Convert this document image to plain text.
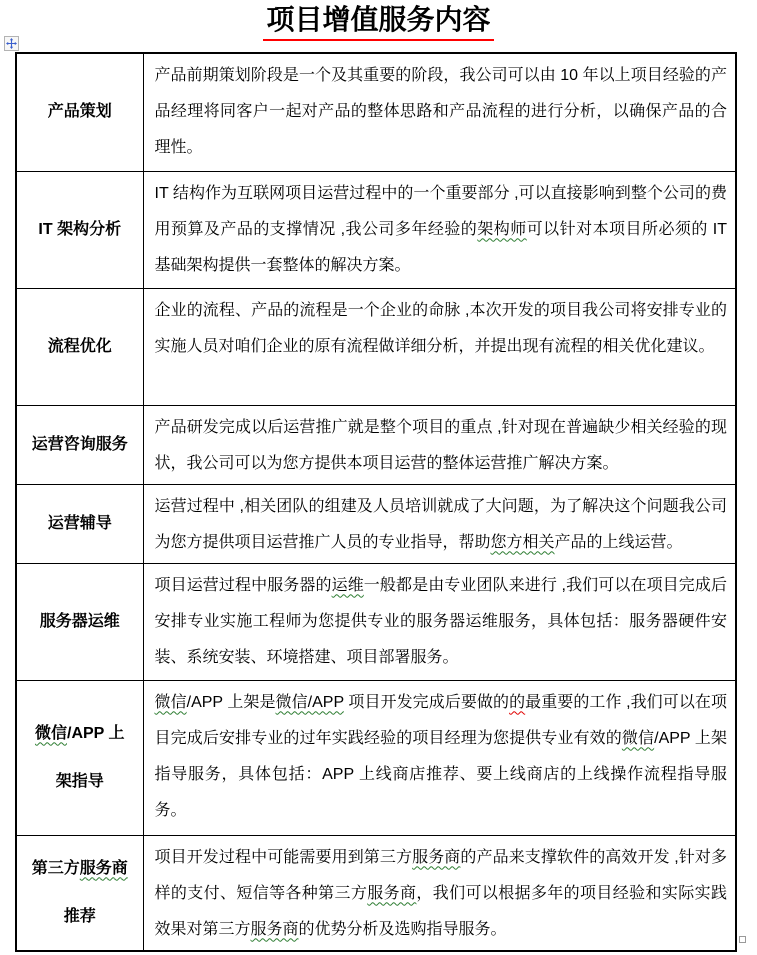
项目增值服务内容
产品策划	产品前期策划阶段是一个及其重要的阶段，我公司可以由 10 年以上项目经验的产品经理将同客户一起对产品的整体思路和产品流程的进行分析，以确保产品的合理性。

IT 架构分析	IT 结构作为互联网项目运营过程中的一个重要部分 ,可以直接影响到整个公司的费用预算及产品的支撑情况 ,我公司多年经验的架构师可以针对本项目所必须的 IT 基础架构提供一套整体的解决方案。

流程优化	企业的流程、产品的流程是一个企业的命脉 ,本次开发的项目我公司将安排专业的实施人员对咱们企业的原有流程做详细分析，并提出现有流程的相关优化建议。

运营咨询服务	产品研发完成以后运营推广就是整个项目的重点 ,针对现在普遍缺少相关经验的现状，我公司可以为您方提供本项目运营的整体运营推广解决方案。

运营辅导	运营过程中 ,相关团队的组建及人员培训就成了大问题，为了解决这个问题我公司为您方提供项目运营推广人员的专业指导，帮助您方相关产品的上线运营。

服务器运维	项目运营过程中服务器的运维一般都是由专业团队来进行 ,我们可以在项目完成后安排专业实施工程师为您提供专业的服务器运维服务，具体包括：服务器硬件安装、系统安装、环境搭建、项目部署服务。

微信/APP 上
架指导	微信/APP 上架是微信/APP 项目开发完成后要做的的最重要的工作 ,我们可以在项目完成后安排专业的过年实践经验的项目经理为您提供专业有效的微信/APP 上架指导服务，具体包括：APP 上线商店推荐、要上线商店的上线操作流程指导服务。

第三方服务商
推荐	项目开发过程中可能需要用到第三方服务商的产品来支撑软件的高效开发 ,针对多样的支付、短信等各种第三方服务商，我们可以根据多年的项目经验和实际实践效果对第三方服务商的优势分析及选购指导服务。
